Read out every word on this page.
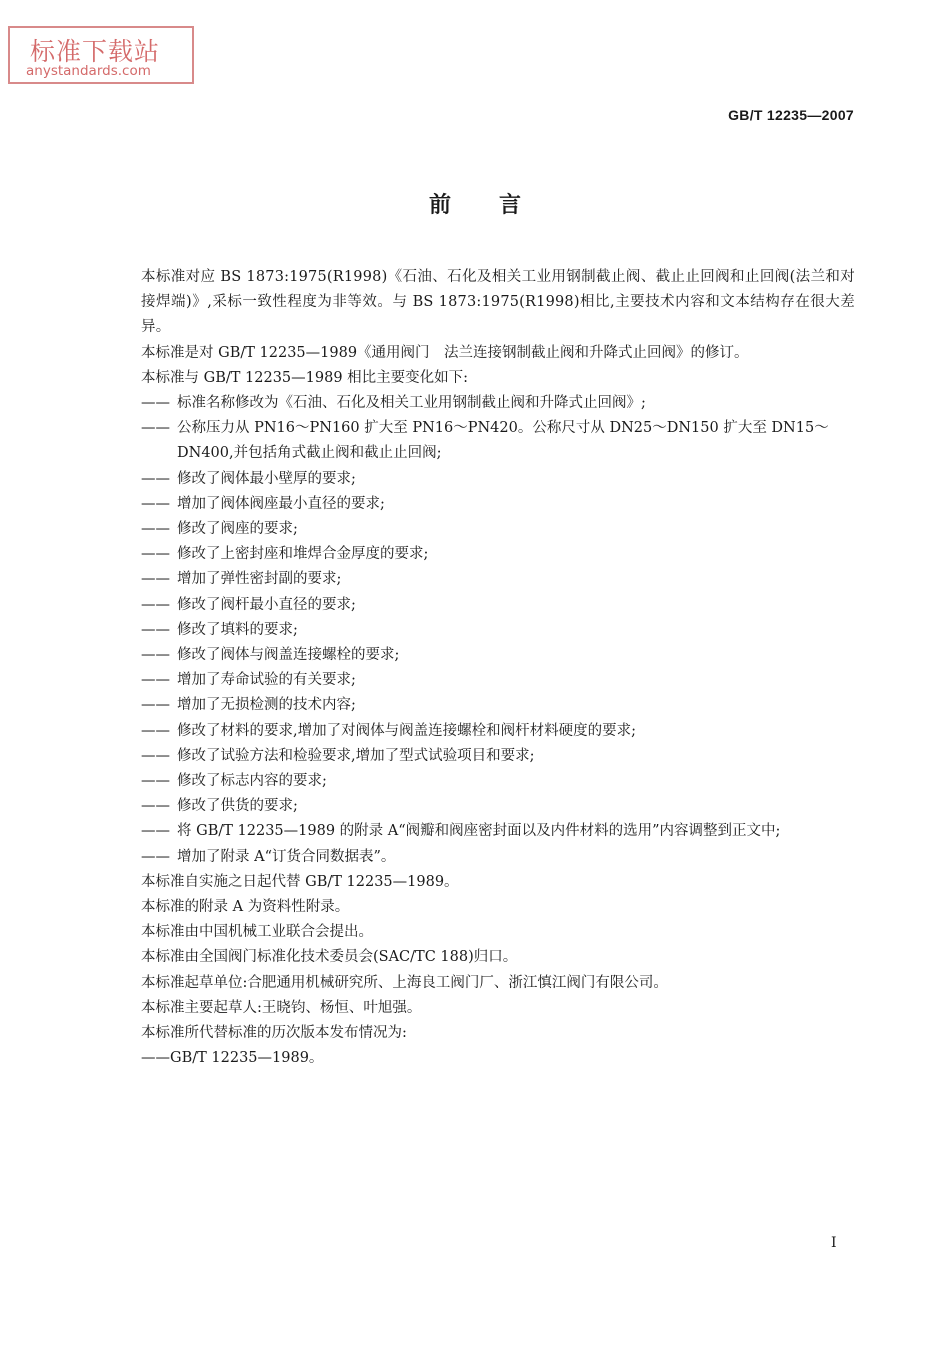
标准下载站
anystandards.com
GB/T 12235—2007
前言

本标准对应 BS 1873:1975(R1998)《石油、石化及相关工业用钢制截止阀、截止止回阀和止回阀(法兰和对接焊端)》,采标一致性程度为非等效。与 BS 1873:1975(R1998)相比,主要技术内容和文本结构存在很大差异。

本标准是对 GB/T 12235—1989《通用阀门　法兰连接钢制截止阀和升降式止回阀》的修订。

本标准与 GB/T 12235—1989 相比主要变化如下:

—— 标准名称修改为《石油、石化及相关工业用钢制截止阀和升降式止回阀》;

—— 公称压力从 PN16～PN160 扩大至 PN16～PN420。公称尺寸从 DN25～DN150 扩大至 DN15～DN400,并包括角式截止阀和截止止回阀;

—— 修改了阀体最小壁厚的要求;

—— 增加了阀体阀座最小直径的要求;

—— 修改了阀座的要求;

—— 修改了上密封座和堆焊合金厚度的要求;

—— 增加了弹性密封副的要求;

—— 修改了阀杆最小直径的要求;

—— 修改了填料的要求;

—— 修改了阀体与阀盖连接螺栓的要求;

—— 增加了寿命试验的有关要求;

—— 增加了无损检测的技术内容;

—— 修改了材料的要求,增加了对阀体与阀盖连接螺栓和阀杆材料硬度的要求;

—— 修改了试验方法和检验要求,增加了型式试验项目和要求;

—— 修改了标志内容的要求;

—— 修改了供货的要求;

—— 将 GB/T 12235—1989 的附录 A“阀瓣和阀座密封面以及内件材料的选用”内容调整到正文中;

—— 增加了附录 A“订货合同数据表”。

本标准自实施之日起代替 GB/T 12235—1989。

本标准的附录 A 为资料性附录。

本标准由中国机械工业联合会提出。

本标准由全国阀门标准化技术委员会(SAC/TC 188)归口。

本标准起草单位:合肥通用机械研究所、上海良工阀门厂、浙江慎江阀门有限公司。

本标准主要起草人:王晓钧、杨恒、叶旭强。

本标准所代替标准的历次版本发布情况为:

——GB/T 12235—1989。

I
